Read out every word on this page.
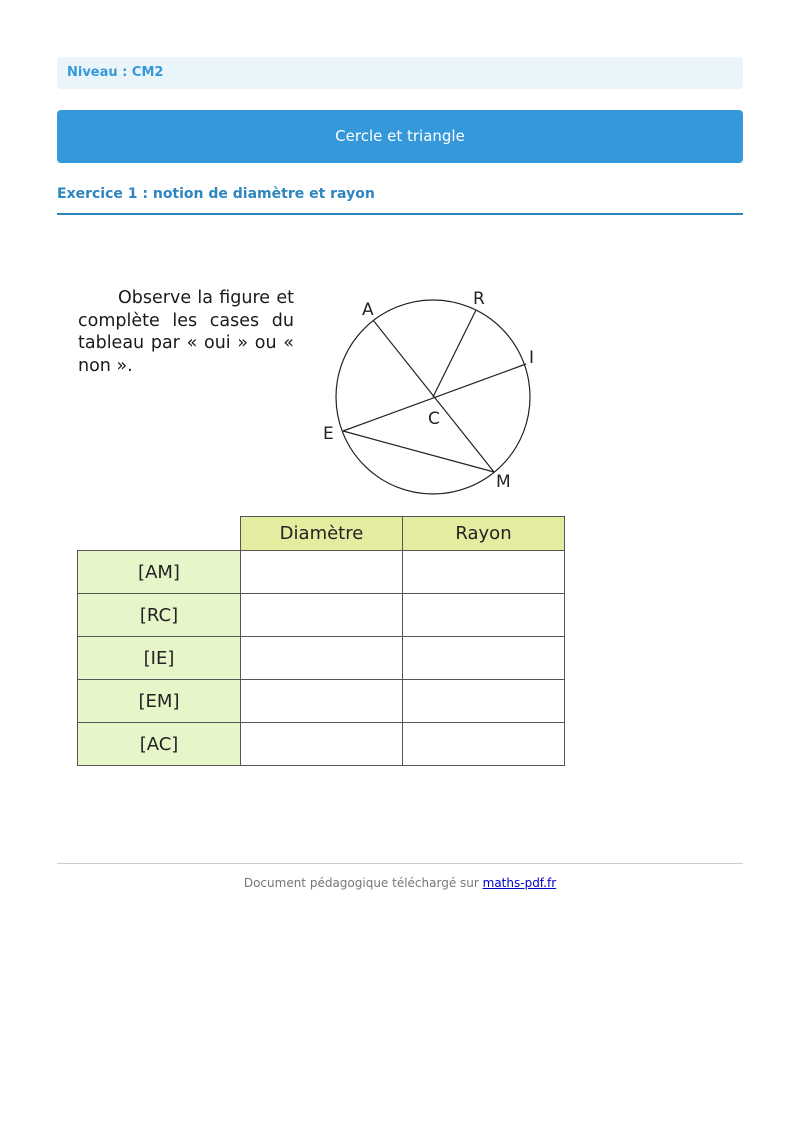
Niveau : CM2
Cercle et triangle
Exercice 1 : notion de diamètre et rayon
Observe la figure et complète les cases du tableau par « oui » ou « non ».
A
R
I
C
E
M
	Diamètre	Rayon
[AM]		
[RC]		
[IE]		
[EM]		
[AC]		
Document pédagogique téléchargé sur maths-pdf.fr
